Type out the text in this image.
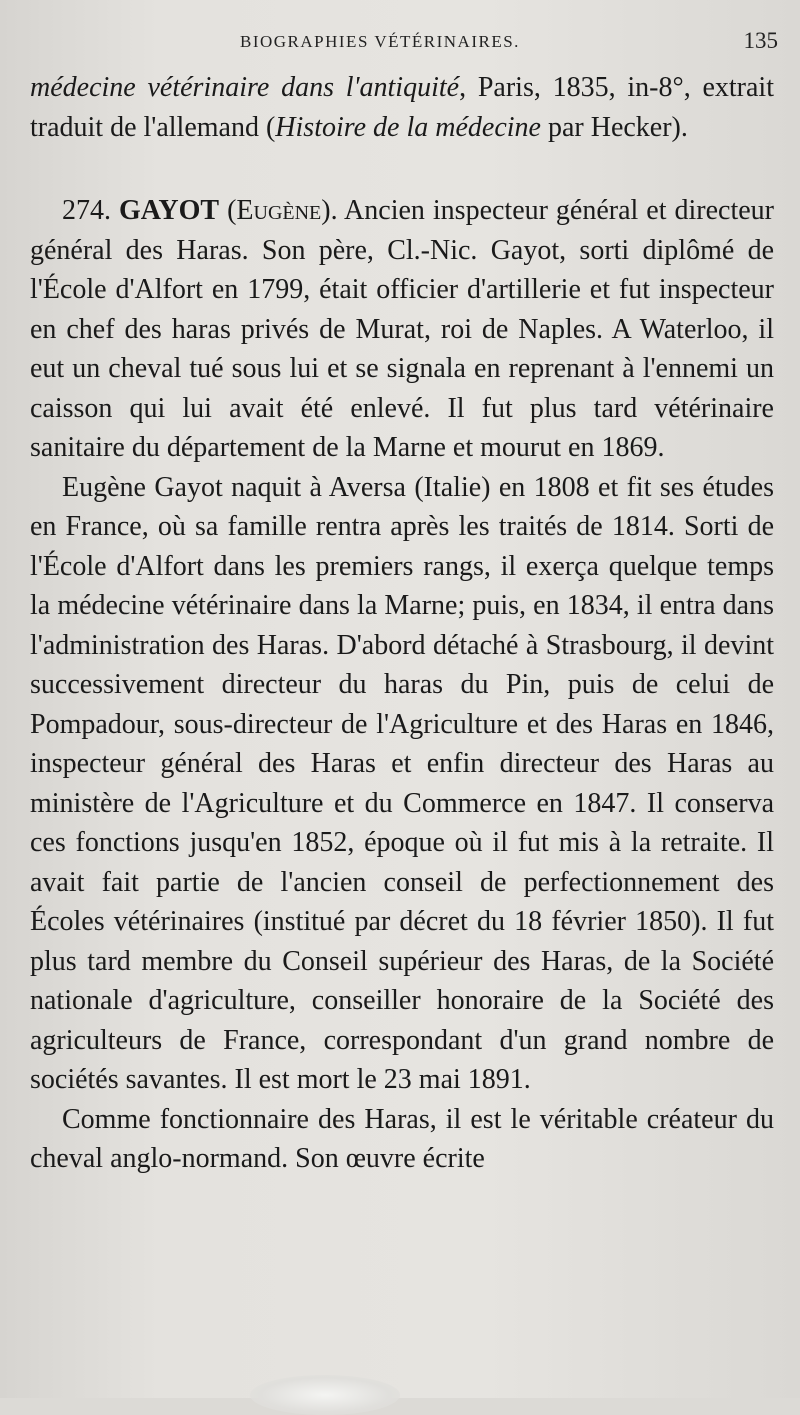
BIOGRAPHIES VÉTÉRINAIRES.	135

médecine vétérinaire dans l'antiquité, Paris, 1835, in-8°, extrait traduit de l'allemand (Histoire de la médecine par Hecker).

274. GAYOT (Eugène). Ancien inspecteur général et directeur général des Haras. Son père, Cl.-Nic. Gayot, sorti diplômé de l'École d'Alfort en 1799, était officier d'artillerie et fut inspecteur en chef des haras privés de Murat, roi de Naples. A Waterloo, il eut un cheval tué sous lui et se signala en reprenant à l'ennemi un caisson qui lui avait été enlevé. Il fut plus tard vétérinaire sanitaire du département de la Marne et mourut en 1869.

Eugène Gayot naquit à Aversa (Italie) en 1808 et fit ses études en France, où sa famille rentra après les traités de 1814. Sorti de l'École d'Alfort dans les premiers rangs, il exerça quelque temps la médecine vétérinaire dans la Marne; puis, en 1834, il entra dans l'administration des Haras. D'abord détaché à Strasbourg, il devint successivement directeur du haras du Pin, puis de celui de Pompadour, sous-directeur de l'Agriculture et des Haras en 1846, inspecteur général des Haras et enfin directeur des Haras au ministère de l'Agriculture et du Commerce en 1847. Il conserva ces fonctions jusqu'en 1852, époque où il fut mis à la retraite. Il avait fait partie de l'ancien conseil de perfectionnement des Écoles vétérinaires (institué par décret du 18 février 1850). Il fut plus tard membre du Conseil supérieur des Haras, de la Société nationale d'agriculture, conseiller honoraire de la Société des agriculteurs de France, correspondant d'un grand nombre de sociétés savantes. Il est mort le 23 mai 1891.

Comme fonctionnaire des Haras, il est le véritable créateur du cheval anglo-normand. Son œuvre écrite
